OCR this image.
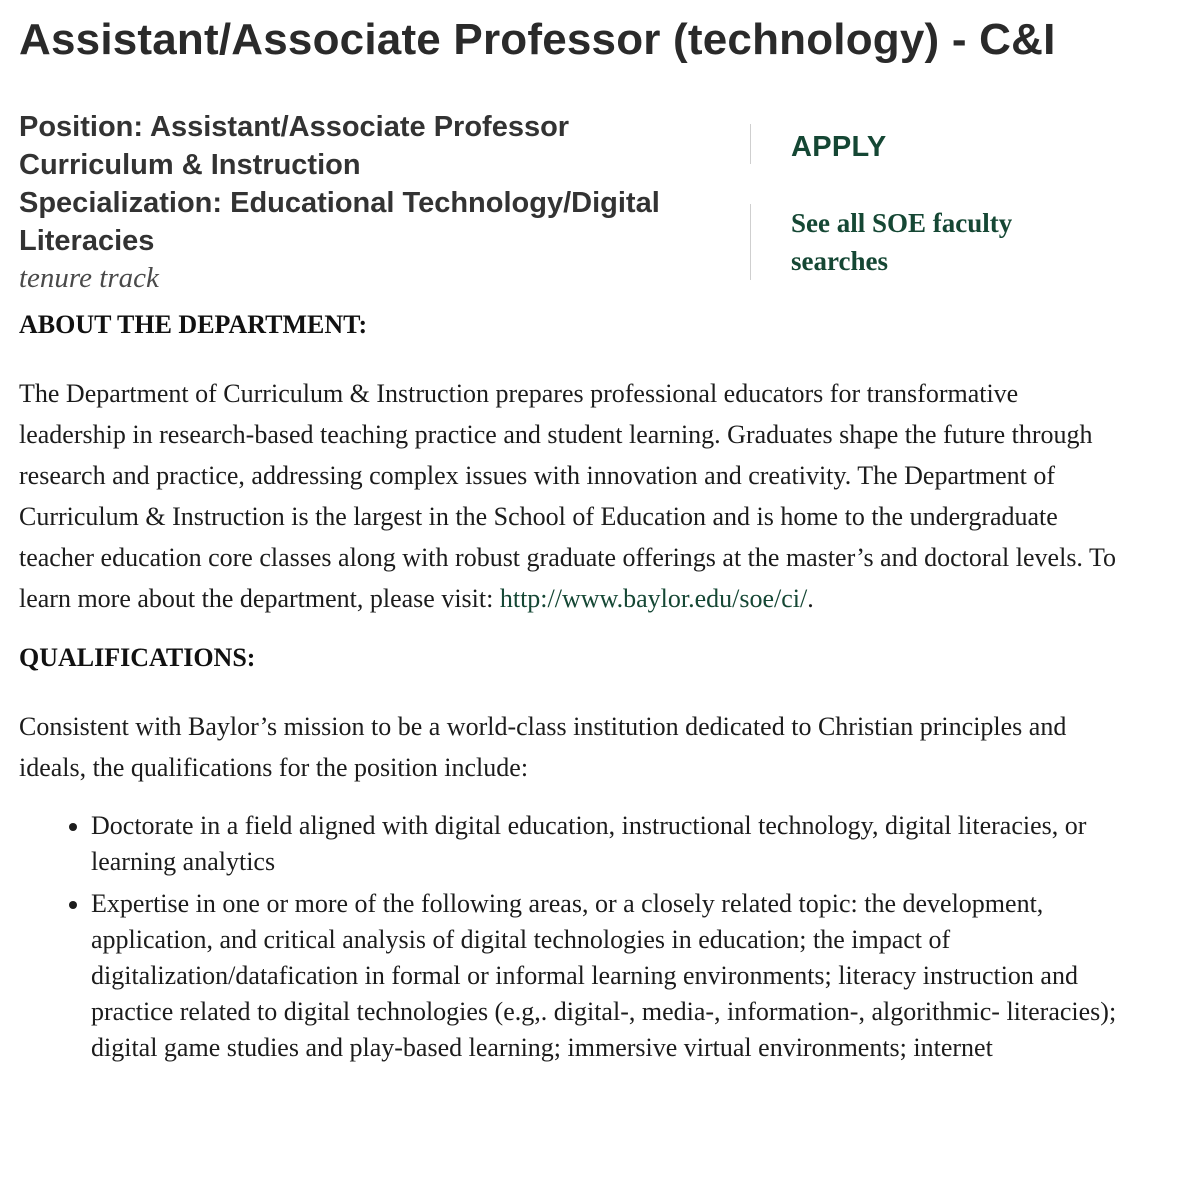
Assistant/Associate Professor (technology) - C&I
Position: Assistant/Associate Professor
Curriculum & Instruction
Specialization: Educational Technology/Digital Literacies
tenure track
APPLY
See all SOE faculty searches

ABOUT THE DEPARTMENT:

The Department of Curriculum & Instruction prepares professional educators for transformative leadership in research-based teaching practice and student learning. Graduates shape the future through research and practice, addressing complex issues with innovation and creativity. The Department of Curriculum & Instruction is the largest in the School of Education and is home to the undergraduate teacher education core classes along with robust graduate offerings at the master’s and doctoral levels. To learn more about the department, please visit: http://www.baylor.edu/soe/ci/.

QUALIFICATIONS:

Consistent with Baylor’s mission to be a world-class institution dedicated to Christian principles and ideals, the qualifications for the position include:

• Doctorate in a field aligned with digital education, instructional technology, digital literacies, or learning analytics
• Expertise in one or more of the following areas, or a closely related topic: the development, application, and critical analysis of digital technologies in education; the impact of digitalization/datafication in formal or informal learning environments; literacy instruction and practice related to digital technologies (e.g,. digital-, media-, information-, algorithmic- literacies); digital game studies and play-based learning; immersive virtual environments; internet
